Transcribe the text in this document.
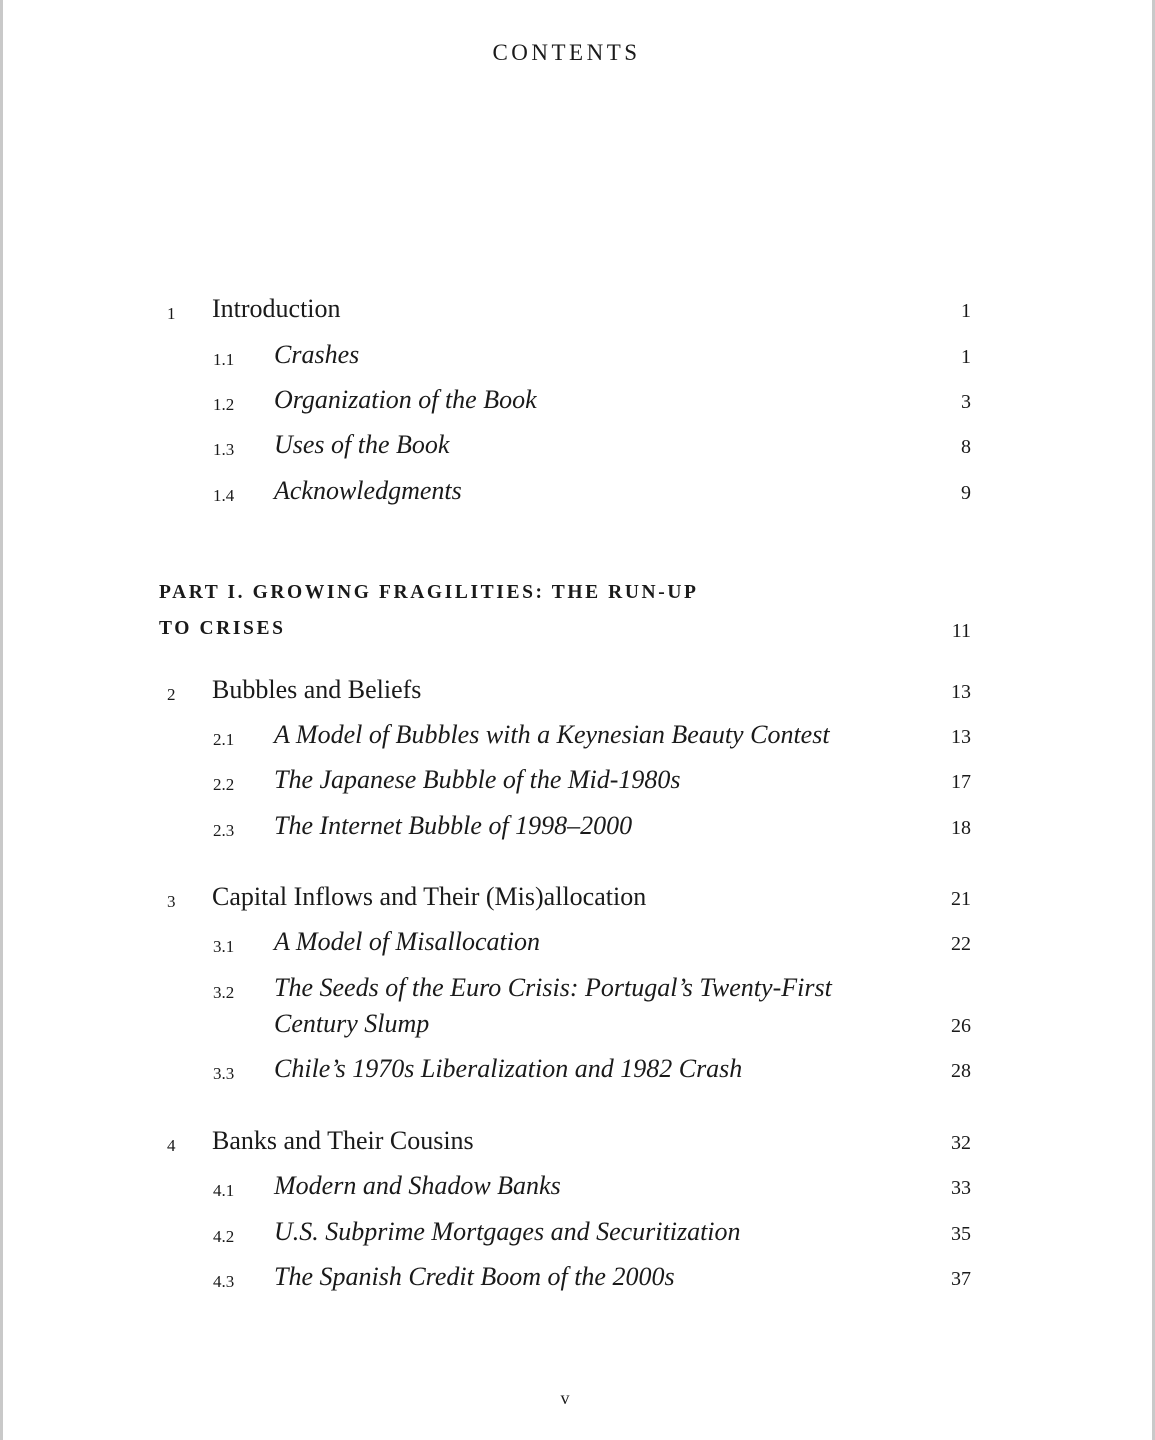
CONTENTS
1 Introduction	1
1.1 Crashes	1
1.2 Organization of the Book	3
1.3 Uses of the Book	8
1.4 Acknowledgments	9
PART I. GROWING FRAGILITIES: THE RUN-UP
TO CRISES	11
2 Bubbles and Beliefs	13
2.1 A Model of Bubbles with a Keynesian Beauty Contest	13
2.2 The Japanese Bubble of the Mid-1980s	17
2.3 The Internet Bubble of 1998–2000	18
3 Capital Inflows and Their (Mis)allocation	21
3.1 A Model of Misallocation	22
3.2 The Seeds of the Euro Crisis: Portugal’s Twenty-First
Century Slump	26
3.3 Chile’s 1970s Liberalization and 1982 Crash	28
4 Banks and Their Cousins	32
4.1 Modern and Shadow Banks	33
4.2 U.S. Subprime Mortgages and Securitization	35
4.3 The Spanish Credit Boom of the 2000s	37
v
